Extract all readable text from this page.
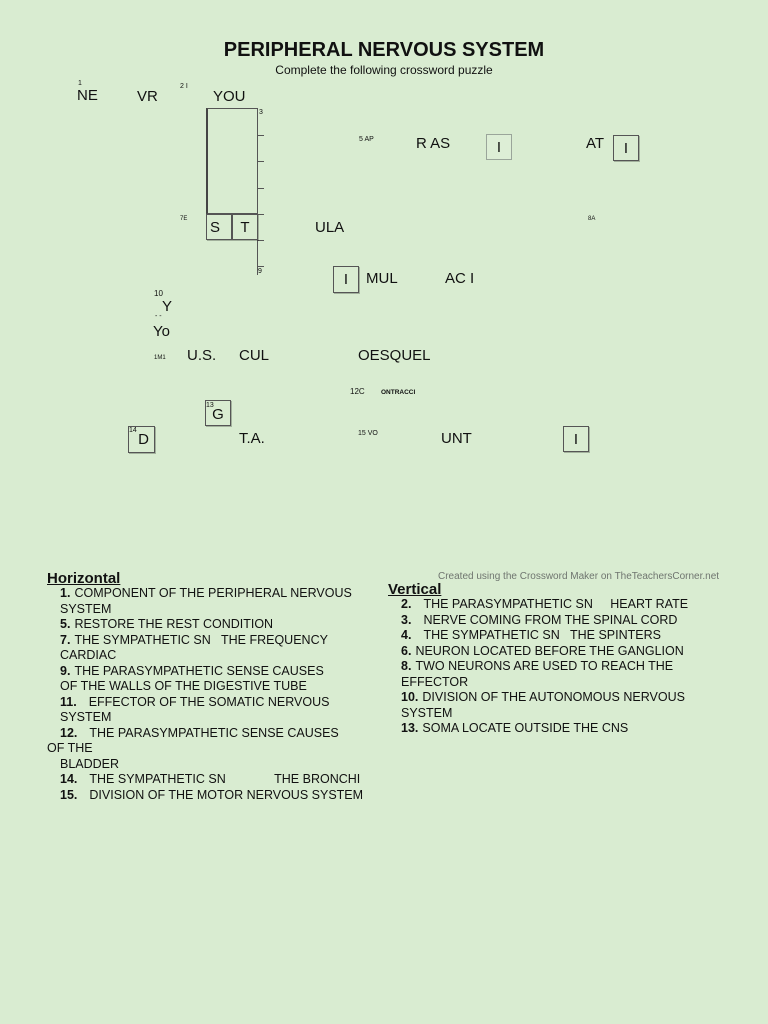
PERIPHERAL NERVOUS SYSTEM
Complete the following crossword puzzle
1
NE	VR
2 I
YOU
3
5 AP	R AS	I	AT	I
7E S	T	ULA	8A
9	I	MUL	AC I
10
Y
- -
Yo
1M1 U.S. CUL	OESQUEL
12C	ONTRACCI
G
13
D
14	T.A.	15 VO	UNT	I
Created using the Crossword Maker on TheTeachersCorner.net
Horizontal
1. COMPONENT OF THE PERIPHERAL NERVOUS
SYSTEM
5. RESTORE THE REST CONDITION
7. THE SYMPATHETIC SN   THE FREQUENCY
CARDIAC
9. THE PARASYMPATHETIC SENSE CAUSES
OF THE WALLS OF THE DIGESTIVE TUBE
11. EFFECTOR OF THE SOMATIC NERVOUS
SYSTEM
12. THE PARASYMPATHETIC SENSE CAUSES
OF THE
BLADDER
14. THE SYMPATHETIC SN              THE BRONCHI
15. DIVISION OF THE MOTOR NERVOUS SYSTEM
Vertical
2. THE PARASYMPATHETIC SN     HEART RATE
3. NERVE COMING FROM THE SPINAL CORD
4. THE SYMPATHETIC SN   THE SPINTERS
6. NEURON LOCATED BEFORE THE GANGLION
8. TWO NEURONS ARE USED TO REACH THE
EFFECTOR
10. DIVISION OF THE AUTONOMOUS NERVOUS
SYSTEM
13. SOMA LOCATE OUTSIDE THE CNS
